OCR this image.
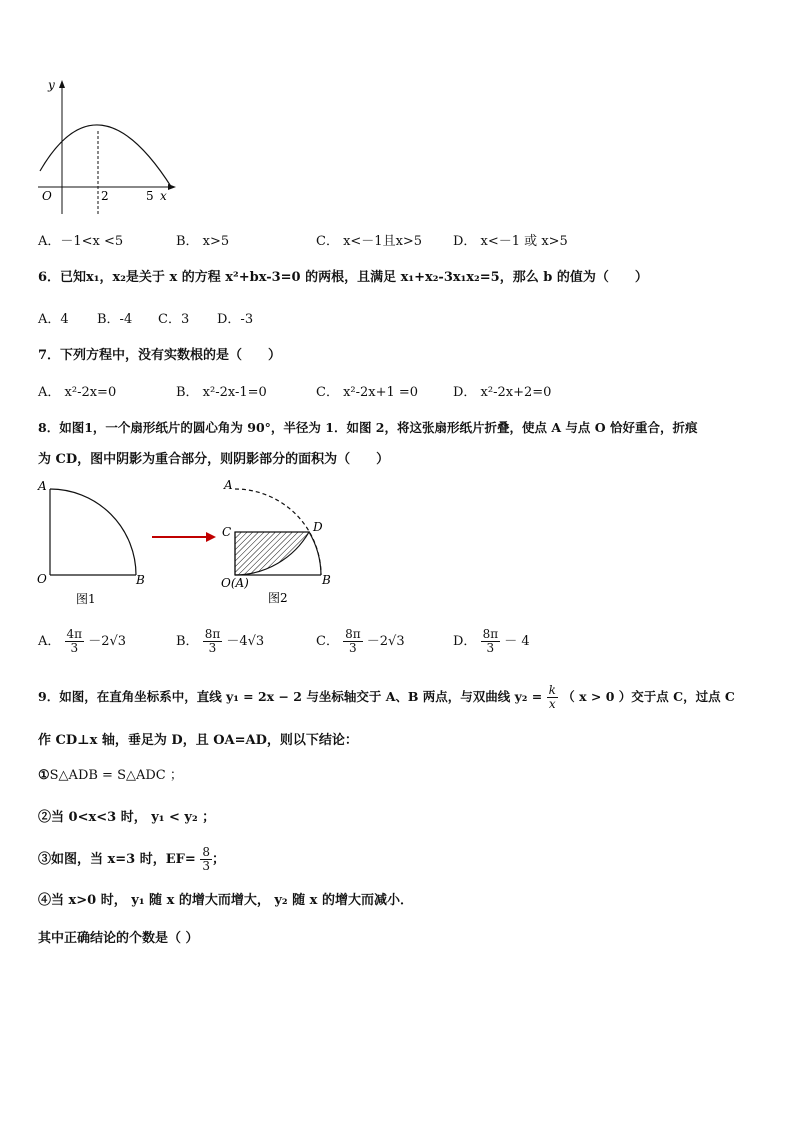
y
O	2	5 x
A．－1<x <5	B． x>5	C． x<－1且x>5 D． x<－1 或 x>5
6．已知x₁，x₂是关于 x 的方程 x²+bx-3=0 的两根，且满足 x₁+x₂-3x₁x₂=5，那么 b 的值为（　　）
A．4 B．-4 C．3 D．-3
7．下列方程中，没有实数根的是（　　）
A． x²-2x=0	B． x²-2x-1=0	C． x²-2x+1 =0	D． x²-2x+2=0
8．如图1，一个扇形纸片的圆心角为 90°，半径为 1．如图 2，将这张扇形纸片折叠，使点 A 与点 O 恰好重合，折痕
为 CD，图中阴影为重合部分，则阴影部分的面积为（　　）
A
O	B
图1
A
C	D
O(A)	B
图2
A． $\frac{4\pi}{3} -2√3$	B． $\frac{8\pi}{3} -4√3$	C． $\frac{8\pi}{3} -2√3$	D． $\frac{8\pi}{3} - 4$
9．如图，在直角坐标系中，直线 y₁ = 2x − 2 与坐标轴交于 A、B 两点，与双曲线 $y_2 = \frac{k}{x}$ （ x > 0 ）交于点 C，过点 C
作 CD⊥x 轴，垂足为 D，且 OA=AD，则以下结论：
①S△ADB = S△ADC ；
②当 0<x<3 时， y₁ < y₂ ；
③如图，当 x=3 时，$EF= \frac{8}{3}$ ；
④当 x>0 时， y₁ 随 x 的增大而增大， y₂ 随 x 的增大而减小．
其中正确结论的个数是（ ）
